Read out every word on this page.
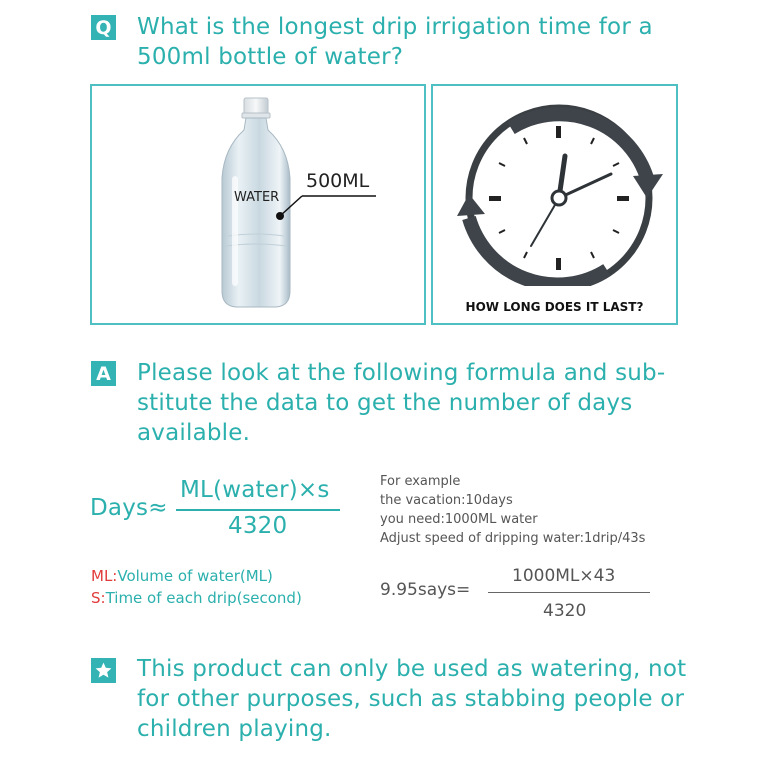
Q What is the longest drip irrigation time for a
500ml bottle of water?
WATER
500ML
HOW LONG DOES IT LAST?
A Please look at the following formula and sub-
stitute the data to get the number of days
available.
Days≈
ML(water)×s
4320
For example
the vacation:10days
you need:1000ML water
Adjust speed of dripping water:1drip/43s
ML:Volume of water(ML)
S:Time of each drip(second)	9.95says=
1000ML×43
4320
This product can only be used as watering, not
for other purposes, such as stabbing people or
children playing.
